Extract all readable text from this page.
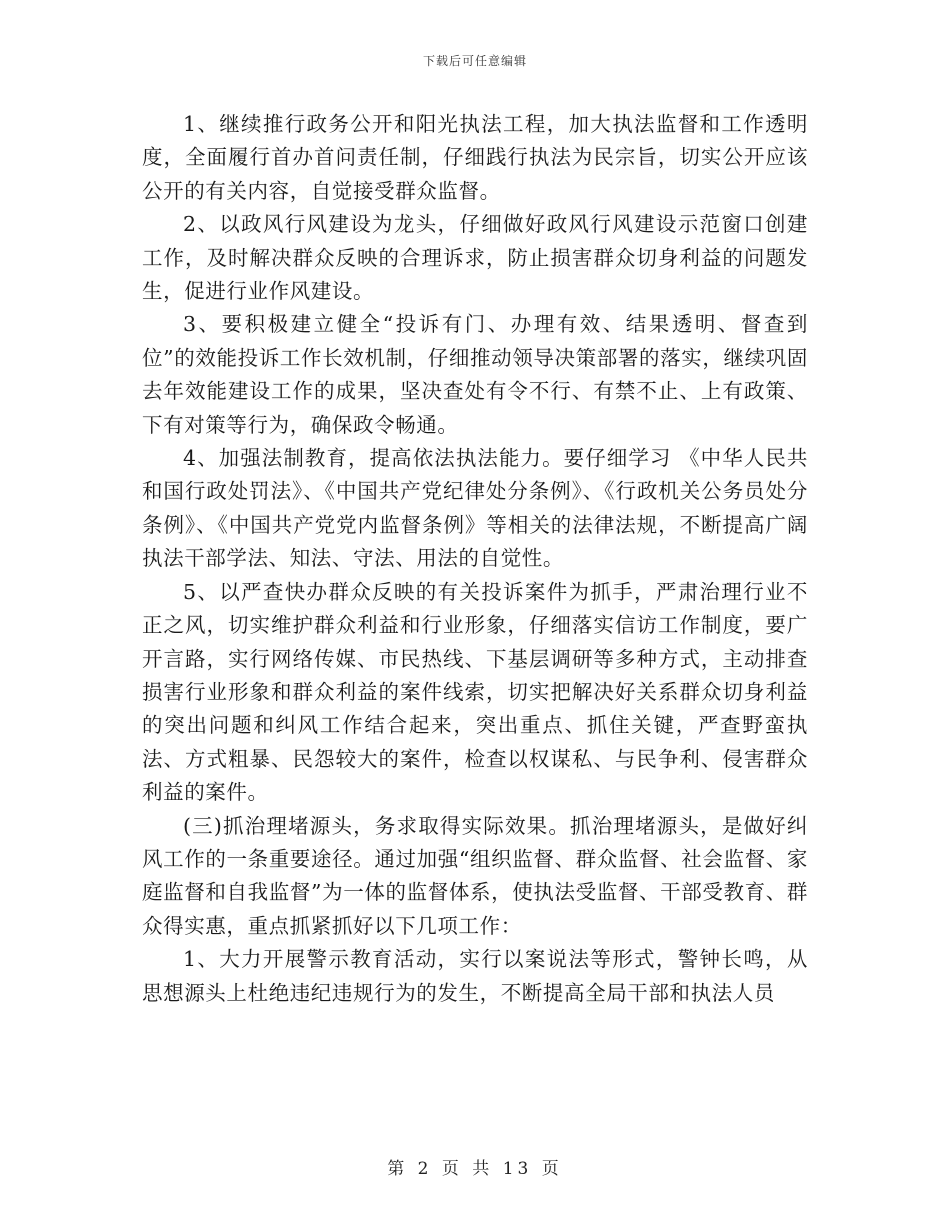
下载后可任意编辑

1、继续推行政务公开和阳光执法工程，加大执法监督和工作透明度，全面履行首办首问责任制，仔细践行执法为民宗旨，切实公开应该公开的有关内容，自觉接受群众监督。

2、以政风行风建设为龙头，仔细做好政风行风建设示范窗口创建工作，及时解决群众反映的合理诉求，防止损害群众切身利益的问题发生，促进行业作风建设。

3、要积极建立健全“投诉有门、办理有效、结果透明、督查到位”的效能投诉工作长效机制，仔细推动领导决策部署的落实，继续巩固去年效能建设工作的成果，坚决查处有令不行、有禁不止、上有政策、下有对策等行为，确保政令畅通。

4、加强法制教育，提高依法执法能力。要仔细学习 《中华人民共和国行政处罚法》、《中国共产党纪律处分条例》、《行政机关公务员处分条例》、《中国共产党党内监督条例》等相关的法律法规，不断提高广阔执法干部学法、知法、守法、用法的自觉性。

5、以严查快办群众反映的有关投诉案件为抓手，严肃治理行业不正之风，切实维护群众利益和行业形象，仔细落实信访工作制度，要广开言路，实行网络传媒、市民热线、下基层调研等多种方式，主动排查损害行业形象和群众利益的案件线索，切实把解决好关系群众切身利益的突出问题和纠风工作结合起来，突出重点、抓住关键，严查野蛮执法、方式粗暴、民怨较大的案件，检查以权谋私、与民争利、侵害群众利益的案件。

(三)抓治理堵源头，务求取得实际效果。抓治理堵源头，是做好纠风工作的一条重要途径。通过加强“组织监督、群众监督、社会监督、家庭监督和自我监督”为一体的监督体系，使执法受监督、干部受教育、群众得实惠，重点抓紧抓好以下几项工作：

1、大力开展警示教育活动，实行以案说法等形式，警钟长鸣，从思想源头上杜绝违纪违规行为的发生，不断提高全局干部和执法人员

第 2 页 共 13 页
